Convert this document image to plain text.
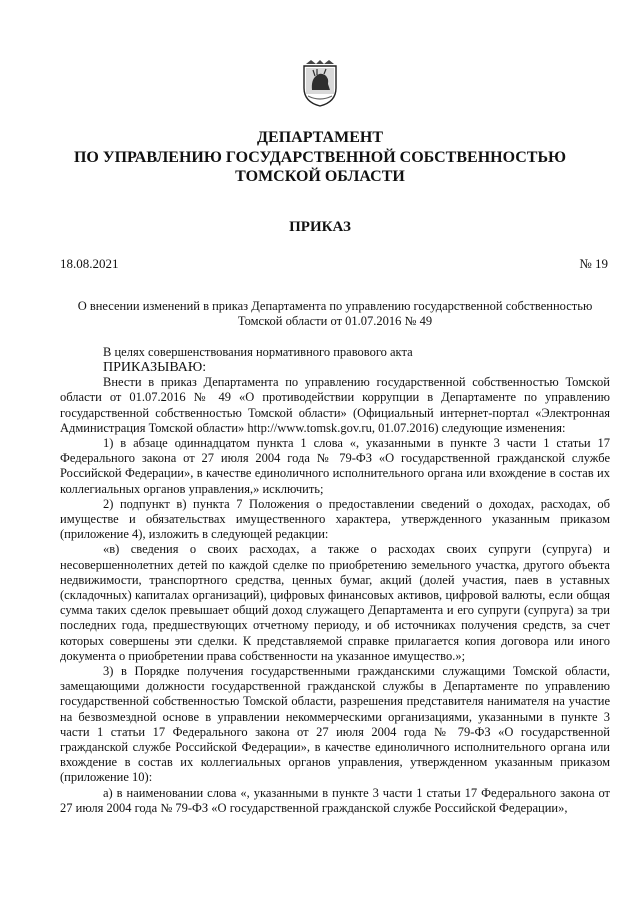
ДЕПАРТАМЕНТ

ПО УПРАВЛЕНИЮ ГОСУДАРСТВЕННОЙ СОБСТВЕННОСТЬЮ

ТОМСКОЙ ОБЛАСТИ

ПРИКАЗ

18.08.2021	№ 19
О внесении изменений в приказ Департамента по управлению государственной собственностью
Томской области от 01.07.2016 № 49

В целях совершенствования нормативного правового акта

ПРИКАЗЫВАЮ:

Внести в приказ Департамента по управлению государственной собственностью Томской области от 01.07.2016 № 49 «О противодействии коррупции в Департаменте по управлению государственной собственностью Томской области» (Официальный интернет-портал «Электронная Администрация Томской области» http://www.tomsk.gov.ru, 01.07.2016) следующие изменения:

1) в абзаце одиннадцатом пункта 1 слова «, указанными в пункте 3 части 1 статьи 17 Федерального закона от 27 июля 2004 года № 79-ФЗ «О государственной гражданской службе Российской Федерации», в качестве единоличного исполнительного органа или вхождение в состав их коллегиальных органов управления,» исключить;

2) подпункт в) пункта 7 Положения о предоставлении сведений о доходах, расходах, об имуществе и обязательствах имущественного характера, утвержденного указанным приказом (приложение 4), изложить в следующей редакции:

«в) сведения о своих расходах, а также о расходах своих супруги (супруга) и несовершеннолетних детей по каждой сделке по приобретению земельного участка, другого объекта недвижимости, транспортного средства, ценных бумаг, акций (долей участия, паев в уставных (складочных) капиталах организаций), цифровых финансовых активов, цифровой валюты, если общая сумма таких сделок превышает общий доход служащего Департамента и его супруги (супруга) за три последних года, предшествующих отчетному периоду, и об источниках получения средств, за счет которых совершены эти сделки. К представляемой справке прилагается копия договора или иного документа о приобретении права собственности на указанное имущество.»;

3) в Порядке получения государственными гражданскими служащими Томской области, замещающими должности государственной гражданской службы в Департаменте по управлению государственной собственностью Томской области, разрешения представителя нанимателя на участие на безвозмездной основе в управлении некоммерческими организациями, указанными в пункте 3 части 1 статьи 17 Федерального закона от 27 июля 2004 года № 79-ФЗ «О государственной гражданской службе Российской Федерации», в качестве единоличного исполнительного органа или вхождение в состав их коллегиальных органов управления, утвержденном указанным приказом (приложение 10):

а) в наименовании слова «, указанными в пункте 3 части 1 статьи 17 Федерального закона от 27 июля 2004 года № 79-ФЗ «О государственной гражданской службе Российской Федерации»,
